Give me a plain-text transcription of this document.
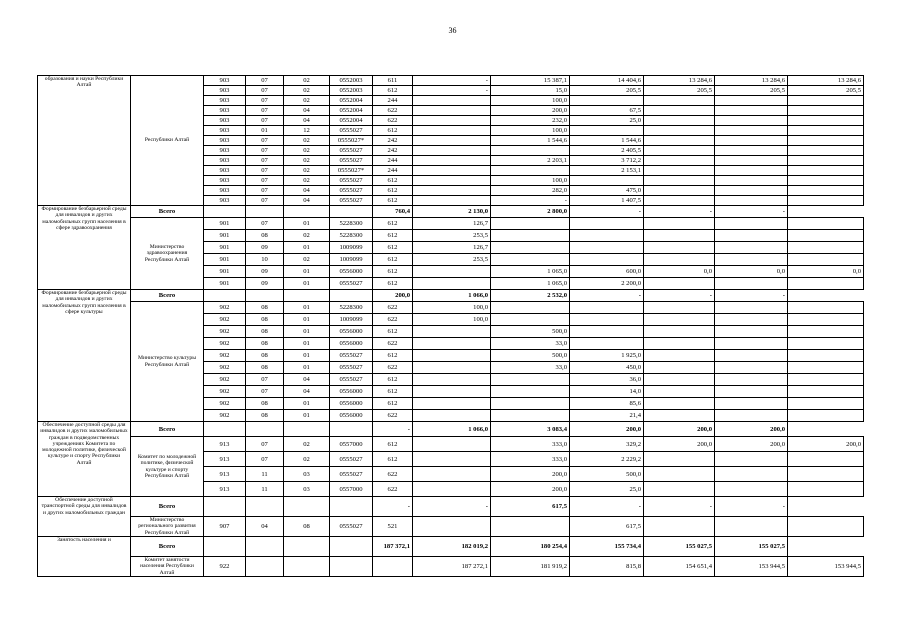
36
образования и науки Республики Алтай	Республики Алтай	903	07	02	0552003	611	-	15 387,1	14 404,6	13 284,6	13 284,6	13 284,6
		903	07	02	0552003	612	-	15,0	205,5	205,5	205,5	205,5
		903	07	02	0552004	244		100,0				
		903	07	04	0552004	622		200,0	67,5			
		903	07	04	0552004	622		232,0	25,0			
		903	01	12	0555027	612		100,0				
		903	07	02	0555027*	242		1 544,6	1 544,6			
		903	07	02	0555027	242			2 405,5			
		903	07	02	0555027	244		2 203,1	3 712,2			
		903	07	02	0555027*	244			2 153,1			
		903	07	02	0555027	612		100,0				
		903	07	04	0555027	612		282,0	475,0			
		903	07	04	0555027	612		-	1 407,5			
Формирование безбарьерной среды для инвалидов и других маломобильных групп населения в сфере здравоохранения	Всего					760,4	2 130,0	2 800,0	-	-	-	
	Министерство здравоохранения Республики Алтай	901	07	01	5228300	612	126,7					
		901	08	02	5228300	612	253,5					
		901	09	01	1009099	612	126,7					
		901	10	02	1009099	612	253,5					
		901	09	01	0556000	612		1 065,0	600,0	0,0	0,0	0,0
		901	09	01	0555027	612		1 065,0	2 200,0			
Формирование безбарьерной среды для инвалидов и других маломобильных групп населения в сфере культуры	Всего					200,0	1 066,0	2 532,0	-	-	-	
	Министерство культуры Республики Алтай	902	08	01	5228300	622	100,0					
		902	08	01	1009099	622	100,0					
		902	08	01	0556000	612		500,0				
		902	08	01	0556000	622		33,0				
		902	08	01	0555027	612		500,0	1 925,0			
		902	08	01	0555027	622		33,0	450,0			
		902	07	04	0555027	612			36,0			
		902	07	04	0556000	612			14,0			
		902	08	01	0556000	612			85,6			
		902	08	01	0556000	622			21,4			
Обеспечение доступной среды для инвалидов и других маломобильных граждан в подведомственных учреждениях Комитета по молодежной политике, физической культуре и спорту Республики Алтай	Всего					-	1 066,0	3 083,4	200,0	200,0	200,0	
	Комитет по молодежной политике, физической культуре и спорту Республики Алтай	913	07	02	0557000	612		333,0	329,2	200,0	200,0	200,0
		913	07	02	0555027	612		333,0	2 229,2			
		913	11	03	0555027	622		200,0	500,0			
		913	11	03	0557000	622		200,0	25,0			
Обеспечение доступной транспортной среды для инвалидов и других маломобильных граждан	Всего					-	-	617,5	-	-	-	
	Министерство регионального развития Республики Алтай	907	04	08	0555027	521			617,5			
Занятость населения и	Всего					187 372,1	182 019,2	180 254,4	155 734,4	155 027,5	155 027,5	
	Комитет занятости населения Республики Алтай	922					187 272,1	181 919,2	815,8	154 651,4	153 944,5	153 944,5
